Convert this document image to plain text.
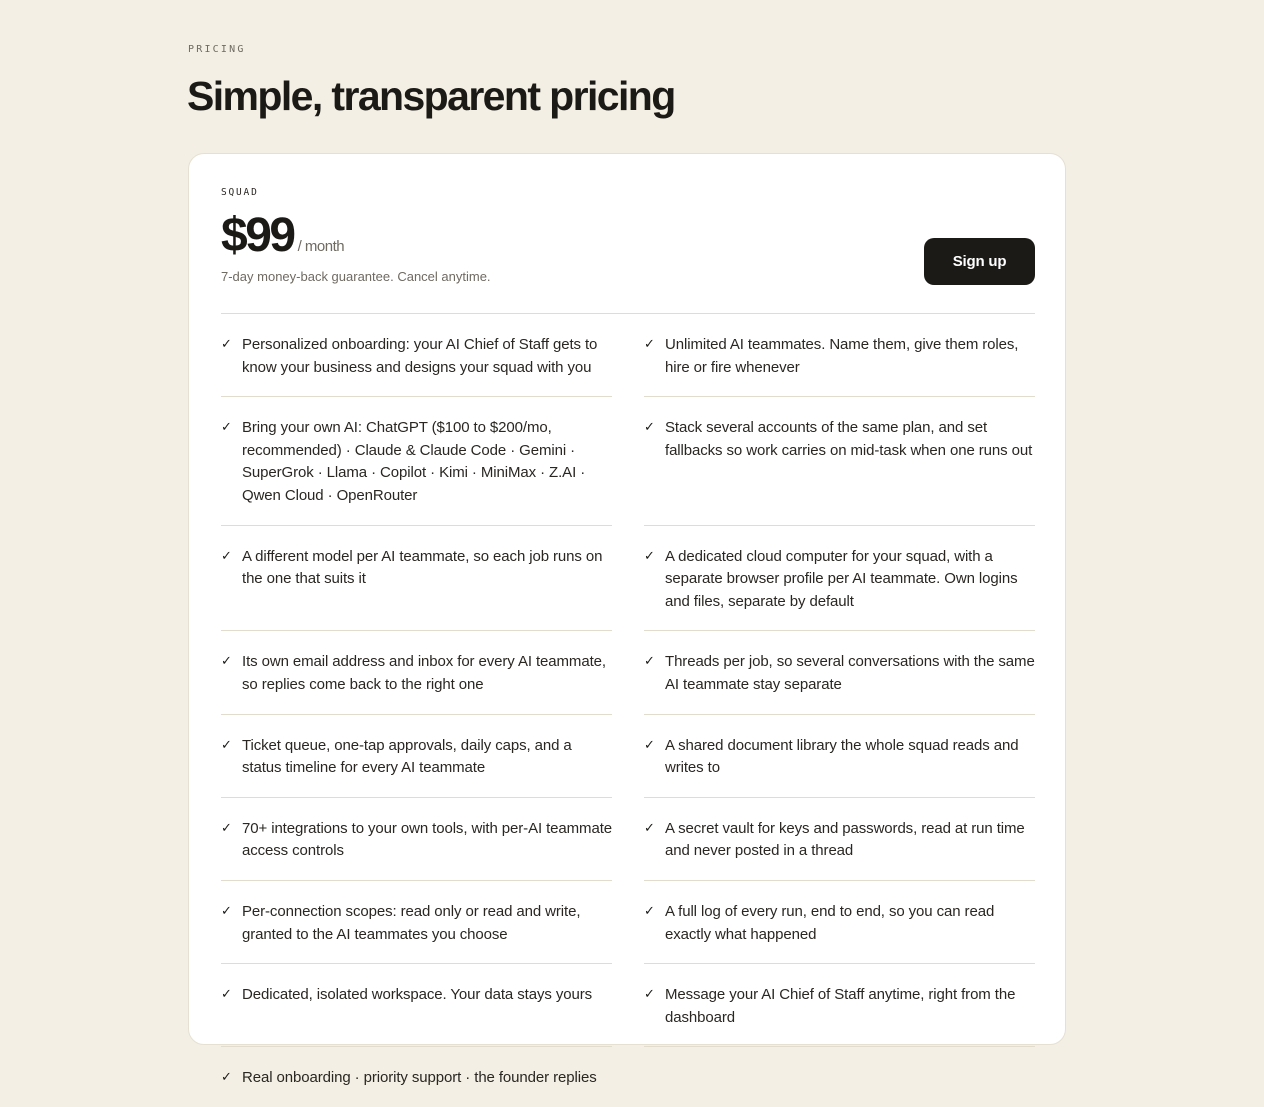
PRICING
Simple, transparent pricing
SQUAD
$99 / month
7-day money-back guarantee. Cancel anytime.
Sign up
✓ Personalized onboarding: your AI Chief of Staff gets to know your business and designs your squad with you
✓ Unlimited AI teammates. Name them, give them roles, hire or fire whenever
✓ Bring your own AI: ChatGPT ($100 to $200/mo, recommended) · Claude & Claude Code · Gemini · SuperGrok · Llama · Copilot · Kimi · MiniMax · Z.AI · Qwen Cloud · OpenRouter
✓ Stack several accounts of the same plan, and set fallbacks so work carries on mid-task when one runs out
✓ A different model per AI teammate, so each job runs on the one that suits it
✓ A dedicated cloud computer for your squad, with a separate browser profile per AI teammate. Own logins and files, separate by default
✓ Its own email address and inbox for every AI teammate, so replies come back to the right one
✓ Threads per job, so several conversations with the same AI teammate stay separate
✓ Ticket queue, one-tap approvals, daily caps, and a status timeline for every AI teammate
✓ A shared document library the whole squad reads and writes to
✓ 70+ integrations to your own tools, with per-AI teammate access controls
✓ A secret vault for keys and passwords, read at run time and never posted in a thread
✓ Per-connection scopes: read only or read and write, granted to the AI teammates you choose
✓ A full log of every run, end to end, so you can read exactly what happened
✓ Dedicated, isolated workspace. Your data stays yours	✓ Message your AI Chief of Staff anytime, right from the dashboard
✓ Real onboarding · priority support · the founder replies
